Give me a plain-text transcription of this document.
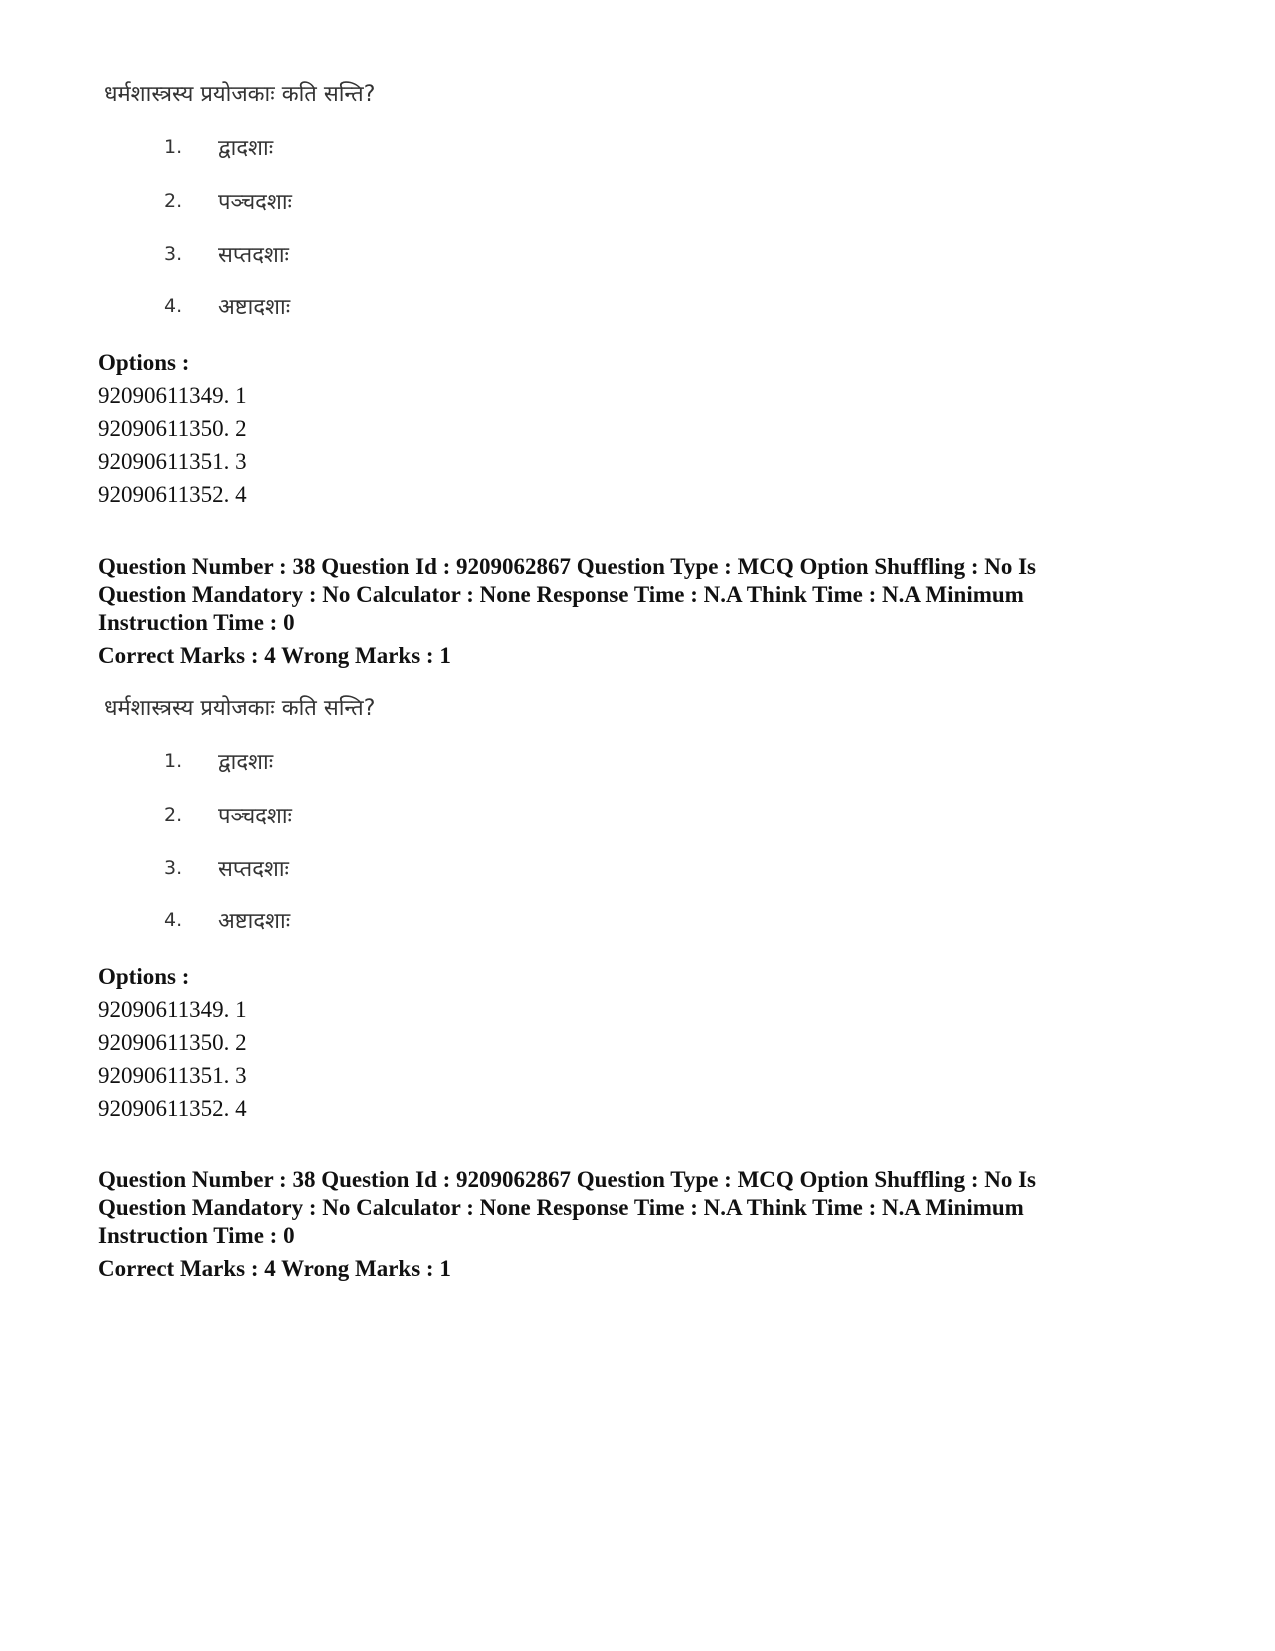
धर्मशास्त्रस्य प्रयोजकाः कति सन्ति?
1. द्वादशाः
2. पञ्चदशाः
3. सप्तदशाः
4. अष्टादशाः
Options :
92090611349. 1
92090611350. 2
92090611351. 3
92090611352. 4
Question Number : 38 Question Id : 9209062867 Question Type : MCQ Option Shuffling : No Is
Question Mandatory : No Calculator : None Response Time : N.A Think Time : N.A Minimum
Instruction Time : 0
Correct Marks : 4 Wrong Marks : 1
धर्मशास्त्रस्य प्रयोजकाः कति सन्ति?
1. द्वादशाः
2. पञ्चदशाः
3. सप्तदशाः
4. अष्टादशाः
Options :
92090611349. 1
92090611350. 2
92090611351. 3
92090611352. 4
Question Number : 38 Question Id : 9209062867 Question Type : MCQ Option Shuffling : No Is
Question Mandatory : No Calculator : None Response Time : N.A Think Time : N.A Minimum
Instruction Time : 0
Correct Marks : 4 Wrong Marks : 1
